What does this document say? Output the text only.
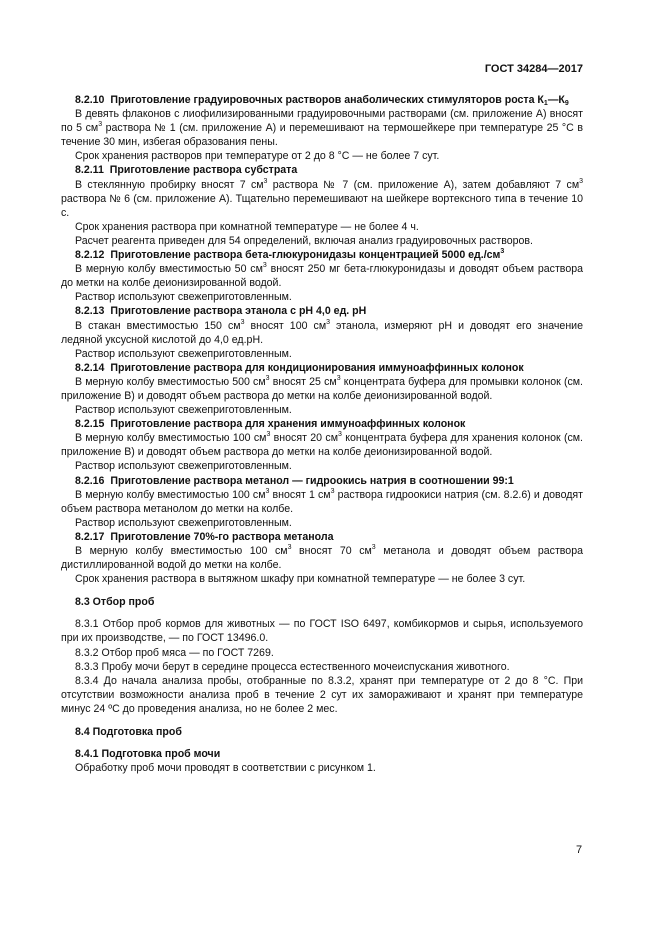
ГОСТ 34284—2017

8.2.10 Приготовление градуировочных растворов анаболических стимуляторов роста $К_1—К_9$

В девять флаконов с лиофилизированными градуировочными растворами (см. приложение А) вносят по 5 $см^3$ раствора № 1 (см. приложение А) и перемешивают на термошейкере при температуре 25 °С в течение 30 мин, избегая образования пены.

Срок хранения растворов при температуре от 2 до 8 °С — не более 7 сут.

8.2.11 Приготовление раствора субстрата

В стеклянную пробирку вносят 7 $см^3$ раствора № 7 (см. приложение А), затем добавляют 7 $см^3$ раствора № 6 (см. приложение А). Тщательно перемешивают на шейкере вортексного типа в течение 10 с.

Срок хранения раствора при комнатной температуре — не более 4 ч.

Расчет реагента приведен для 54 определений, включая анализ градуировочных растворов.

8.2.12 Приготовление раствора бета-глюкуронидазы концентрацией 5000 $ед./см^3$

В мерную колбу вместимостью 50 $см^3$ вносят 250 мг бета-глюкуронидазы и доводят объем раствора до метки на колбе деионизированной водой.

Раствор используют свежеприготовленным.

8.2.13 Приготовление раствора этанола с рН 4,0 ед. рН

В стакан вместимостью 150 $см^3$ вносят 100 $см^3$ этанола, измеряют рН и доводят его значение ледяной уксусной кислотой до 4,0 ед.рН.

Раствор используют свежеприготовленным.

8.2.14 Приготовление раствора для кондиционирования иммуноаффинных колонок

В мерную колбу вместимостью 500 $см^3$ вносят 25 $см^3$ концентрата буфера для промывки колонок (см. приложение В) и доводят объем раствора до метки на колбе деионизированной водой.

Раствор используют свежеприготовленным.

8.2.15 Приготовление раствора для хранения иммуноаффинных колонок

В мерную колбу вместимостью 100 $см^3$ вносят 20 $см^3$ концентрата буфера для хранения колонок (см. приложение В) и доводят объем раствора до метки на колбе деионизированной водой.

Раствор используют свежеприготовленным.

8.2.16 Приготовление раствора метанол — гидроокись натрия в соотношении 99:1

В мерную колбу вместимостью 100 $см^3$ вносят 1 $см^3$ раствора гидроокиси натрия (см. 8.2.6) и доводят объем раствора метанолом до метки на колбе.

Раствор используют свежеприготовленным.

8.2.17 Приготовление 70%-го раствора метанола

В мерную колбу вместимостью 100 $см^3$ вносят 70 $см^3$ метанола и доводят объем раствора дистиллированной водой до метки на колбе.

Срок хранения раствора в вытяжном шкафу при комнатной температуре — не более 3 сут.

8.3 Отбор проб

8.3.1 Отбор проб кормов для животных — по ГОСТ ISO 6497, комбикормов и сырья, используемого при их производстве, — по ГОСТ 13496.0.

8.3.2 Отбор проб мяса — по ГОСТ 7269.

8.3.3 Пробу мочи берут в середине процесса естественного мочеиспускания животного.

8.3.4 До начала анализа пробы, отобранные по 8.3.2, хранят при температуре от 2 до 8 °С. При отсутствии возможности анализа проб в течение 2 сут их замораживают и хранят при температуре минус 24 ºС до проведения анализа, но не более 2 мес.

8.4 Подготовка проб

8.4.1 Подготовка проб мочи

Обработку проб мочи проводят в соответствии с рисунком 1.

7
